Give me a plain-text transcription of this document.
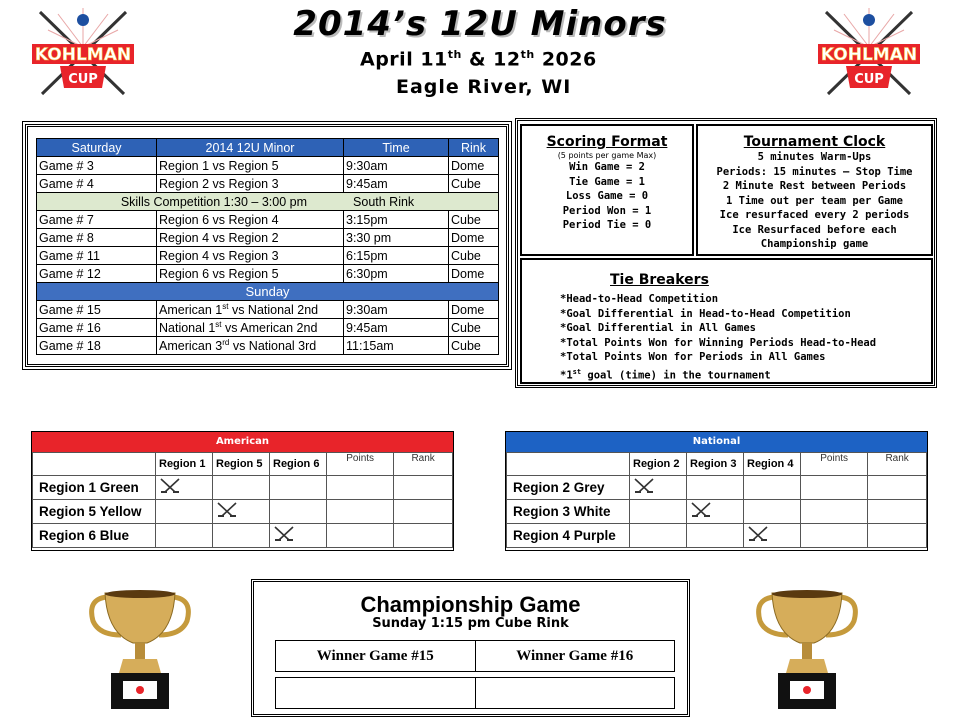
KOHLMAN
CUP
KOHLMAN
CUP
2014’s 12U Minors
April 11th & 12th 2026
Eagle River, WI
Saturday	2014 12U Minor	Time	Rink
Game # 3	Region 1 vs Region 5	9:30am	Dome
Game # 4	Region 2 vs Region 3	9:45am	Cube
Skills Competition 1:30 – 3:00 pm South Rink			
Game # 7	Region 6 vs Region 4	3:15pm	Cube
Game # 8	Region 4 vs Region 2	3:30 pm	Dome
Game # 11	Region 4 vs Region 3	6:15pm	Cube
Game # 12	Region 6 vs Region 5	6:30pm	Dome
Sunday			
Game # 15	American 1st vs National 2nd	9:30am	Dome
Game # 16	National 1st vs American 2nd	9:45am	Cube
Game # 18	American 3rd vs National 3rd	11:15am	Cube
Scoring Format
(5 points per game Max)
Win Game = 2
Tie Game = 1
Loss Game = 0
Period Won = 1
Period Tie = 0
Tournament Clock
5 minutes Warm-Ups
Periods: 15 minutes – Stop Time
2 Minute Rest between Periods
1 Time out per team per Game
Ice resurfaced every 2 periods
Ice Resurfaced before each
Championship game
Tie Breakers
*Head-to-Head Competition
*Goal Differential in Head-to-Head Competition
*Goal Differential in All Games
*Total Points Won for Winning Periods Head-to-Head
*Total Points Won for Periods in All Games
*1st goal (time) in the tournament
American
	Region 1	Region 5	Region 6	Points	Rank
Region 1 Green					
Region 5 Yellow					
Region 6 Blue					
National
	Region 2	Region 3	Region 4	Points	Rank
Region 2 Grey					
Region 3 White					
Region 4 Purple					
Championship Game
Sunday 1:15 pm Cube Rink
Winner Game #15	Winner Game #16
